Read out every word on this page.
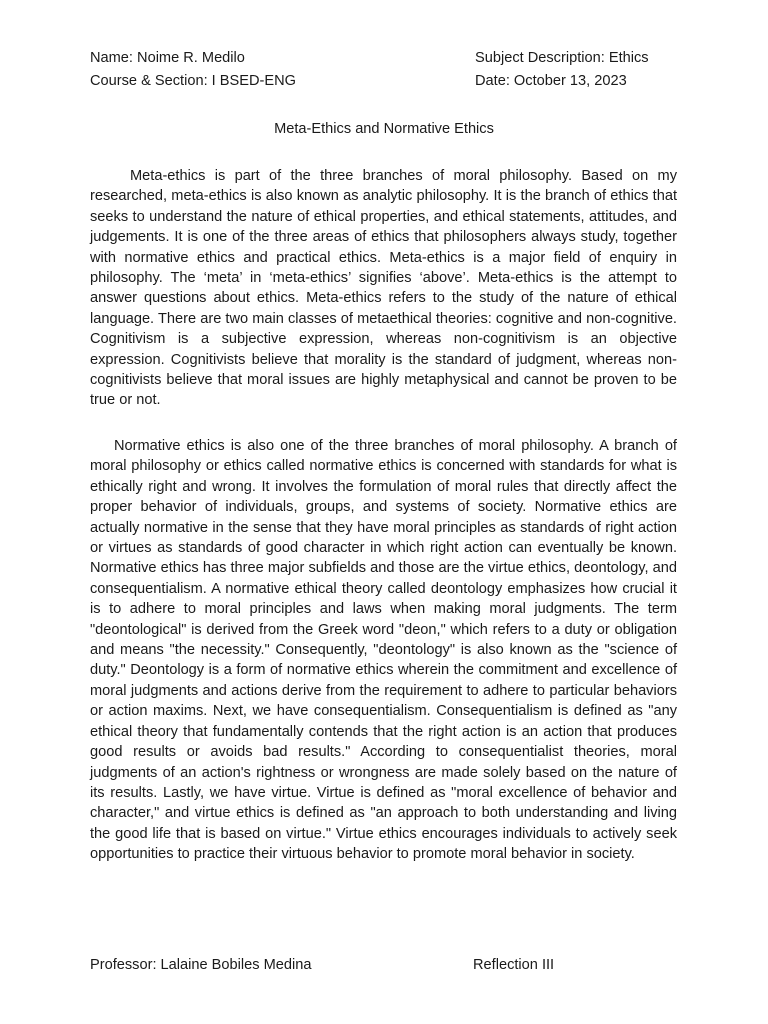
Name: Noime R. Medilo	Subject Description: Ethics
Course & Section: I BSED-ENG	Date: October 13, 2023
Meta-Ethics and Normative Ethics

Meta-ethics is part of the three branches of moral philosophy. Based on my researched, meta-ethics is also known as analytic philosophy. It is the branch of ethics that seeks to understand the nature of ethical properties, and ethical statements, attitudes, and judgements. It is one of the three areas of ethics that philosophers always study, together with normative ethics and practical ethics. Meta-ethics is a major field of enquiry in philosophy. The ‘meta’ in ‘meta-ethics’ signifies ‘above’. Meta-ethics is the attempt to answer questions about ethics. Meta-ethics refers to the study of the nature of ethical language. There are two main classes of metaethical theories: cognitive and non-cognitive. Cognitivism is a subjective expression, whereas non-cognitivism is an objective expression. Cognitivists believe that morality is the standard of judgment, whereas non-cognitivists believe that moral issues are highly metaphysical and cannot be proven to be true or not.

Normative ethics is also one of the three branches of moral philosophy. A branch of moral philosophy or ethics called normative ethics is concerned with standards for what is ethically right and wrong. It involves the formulation of moral rules that directly affect the proper behavior of individuals, groups, and systems of society. Normative ethics are actually normative in the sense that they have moral principles as standards of right action or virtues as standards of good character in which right action can eventually be known. Normative ethics has three major subfields and those are the virtue ethics, deontology, and consequentialism. A normative ethical theory called deontology emphasizes how crucial it is to adhere to moral principles and laws when making moral judgments. The term "deontological" is derived from the Greek word "deon," which refers to a duty or obligation and means "the necessity." Consequently, "deontology" is also known as the "science of duty." Deontology is a form of normative ethics wherein the commitment and excellence of moral judgments and actions derive from the requirement to adhere to particular behaviors or action maxims. Next, we have consequentialism. Consequentialism is defined as "any ethical theory that fundamentally contends that the right action is an action that produces good results or avoids bad results." According to consequentialist theories, moral judgments of an action's rightness or wrongness are made solely based on the nature of its results. Lastly, we have virtue. Virtue is defined as "moral excellence of behavior and character," and virtue ethics is defined as "an approach to both understanding and living the good life that is based on virtue." Virtue ethics encourages individuals to actively seek opportunities to practice their virtuous behavior to promote moral behavior in society.

Professor: Lalaine Bobiles Medina	Reflection III
